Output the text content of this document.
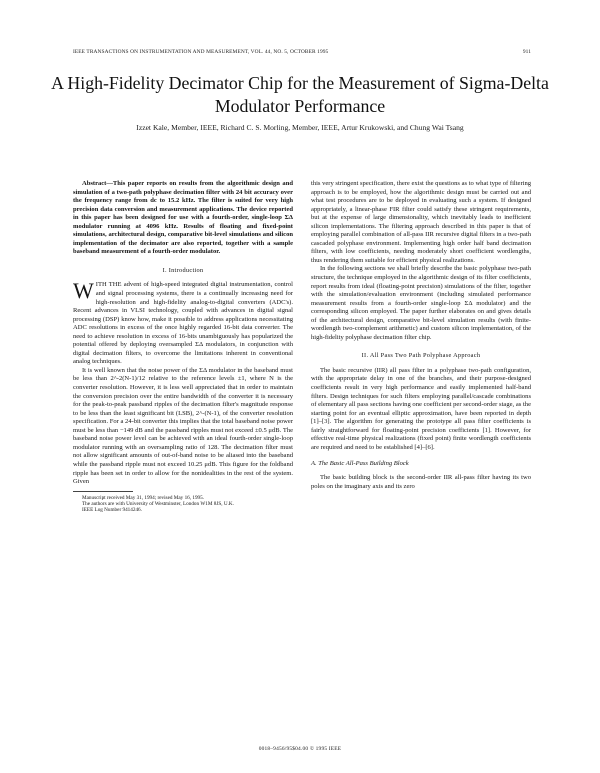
IEEE TRANSACTIONS ON INSTRUMENTATION AND MEASUREMENT, VOL. 44, NO. 5, OCTOBER 1995	911
A High-Fidelity Decimator Chip for the Measurement of Sigma-Delta Modulator Performance
Izzet Kale, Member, IEEE, Richard C. S. Morling, Member, IEEE, Artur Krukowski, and Chung Wai Tsang

Abstract—This paper reports on results from the algorithmic design and simulation of a two-path polyphase decimation filter with 24 bit accuracy over the frequency range from dc to 15.2 kHz. The filter is suited for very high precision data conversion and measurement applications. The device reported in this paper has been designed for use with a fourth-order, single-loop ΣΔ modulator running at 4096 kHz. Results of floating and fixed-point simulations, architectural design, comparative bit-level simulations and silicon implementation of the decimator are also reported, together with a sample baseband measurement of a fourth-order modulator.

I. Introduction

WITH THE advent of high-speed integrated digital instrumentation, control and signal processing systems, there is a continually increasing need for high-resolution and high-fidelity analog-to-digital converters (ADC's). Recent advances in VLSI technology, coupled with advances in digital signal processing (DSP) know how, make it possible to address applications necessitating ADC resolutions in excess of the once highly regarded 16-bit data converter. The need to achieve resolution in excess of 16-bits unambiguously has popularized the potential offered by deploying oversampled ΣΔ modulators, in conjunction with digital decimation filters, to overcome the limitations inherent in conventional analog techniques.

It is well known that the noise power of the ΣΔ modulator in the baseband must be less than 2^-2(N-1)/12 relative to the reference levels ±1, where N is the converter resolution. However, it is less well appreciated that in order to maintain the conversion precision over the entire bandwidth of the converter it is necessary for the peak-to-peak passband ripples of the decimation filter's magnitude response to be less than the least significant bit (LSB), 2^-(N-1), of the converter resolution specification. For a 24-bit converter this implies that the total baseband noise power must be less than −149 dB and the passband ripples must not exceed ±0.5 μdB. The baseband noise power level can be achieved with an ideal fourth-order single-loop modulator running with an oversampling ratio of 128. The decimation filter must not allow significant amounts of out-of-band noise to be aliased into the baseband while the passband ripple must not exceed 10.25 μdB. This figure for the foldband ripple has been set in order to allow for the nonidealities in the rest of the system. Given

Manuscript received May 31, 1994; revised May 16, 1995.

The authors are with University of Westminster, London W1M 8JS, U.K.

IEEE Log Number 9414246.

this very stringent specification, there exist the questions as to what type of filtering approach is to be employed, how the algorithmic design must be carried out and what test procedures are to be deployed in evaluating such a system. If designed appropriately, a linear-phase FIR filter could satisfy these stringent requirements, but at the expense of large dimensionality, which inevitably leads to inefficient silicon implementations. The filtering approach described in this paper is that of employing parallel combination of all-pass IIR recursive digital filters in a two-path cascaded polyphase environment. Implementing high order half band decimation filters, with low coefficients, needing moderately short coefficient wordlengths, thus rendering them suitable for efficient physical realizations.

In the following sections we shall briefly describe the basic polyphase two-path structure, the technique employed in the algorithmic design of its filter coefficients, report results from ideal (floating-point precision) simulations of the filter, together with the simulation/evaluation environment (including simulated performance measurement results from a fourth-order single-loop ΣΔ modulator) and the corresponding silicon employed. The paper further elaborates on and gives details of the architectural design, comparative bit-level simulation results (with finite-wordlength two-complement arithmetic) and custom silicon implementation, of the high-fidelity polyphase decimation filter chip.

II. All Pass Two Path Polyphase Approach

The basic recursive (IIR) all pass filter in a polyphase two-path configuration, with the appropriate delay in one of the branches, and their purpose-designed coefficients result in very high performance and easily implemented half-band filters. Design techniques for such filters employing parallel/cascade combinations of elementary all pass sections having one coefficient per second-order stage, as the starting point for an eventual elliptic approximation, have been reported in depth [1]–[3]. The algorithm for generating the prototype all pass filter coefficients is fairly straightforward for floating-point precision coefficients [1]. However, for effective real-time physical realizations (fixed point) finite wordlength coefficients are required and need to be established [4]–[6].

A. The Basic All-Pass Building Block

The basic building block is the second-order IIR all-pass filter having its two poles on the imaginary axis and its zero

0018–9456/95$04.00 © 1995 IEEE
